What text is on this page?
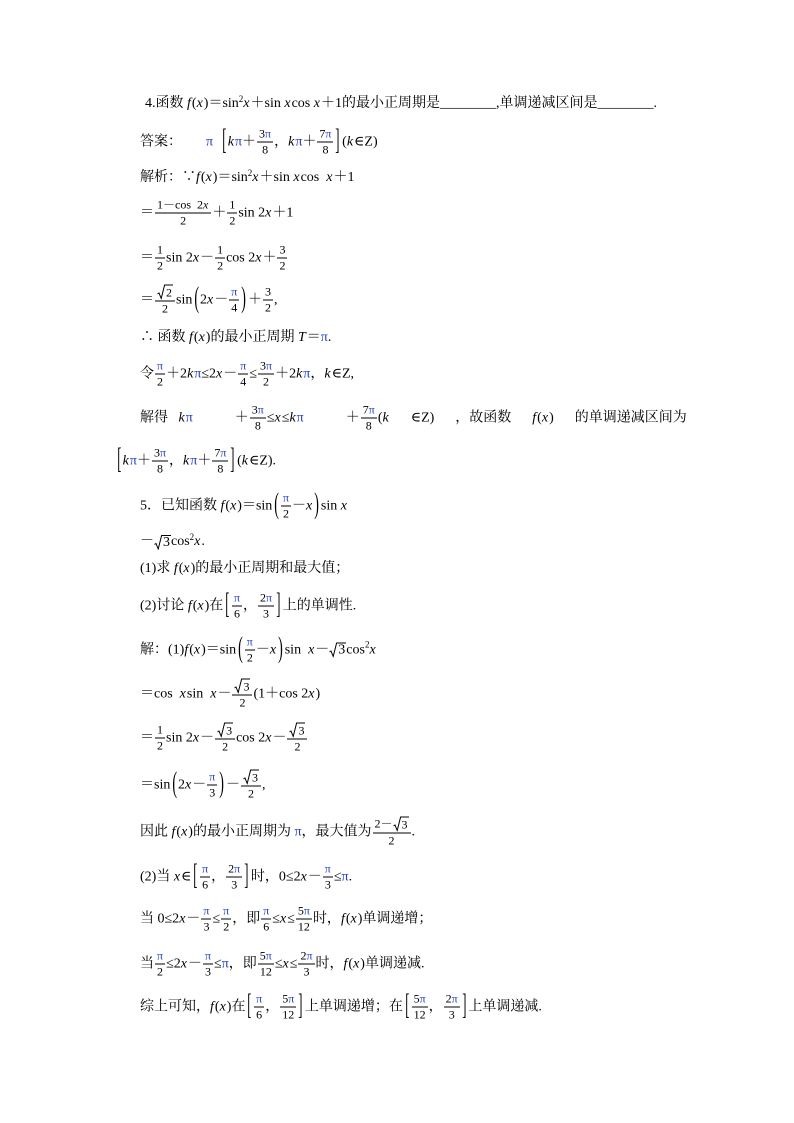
4.函数 f ( x )＝sin 2 x ＋sin x cos x ＋1的最小正周期是 ________ ,单调递减区间是 ________ .
答案： π [ k $\pi + \frac{3 \pi}{8}$ ， k $\pi + \frac{7 \pi}{8}$ ] ( k ∈Z)
解析：∵ f ( x )＝sin 2 x ＋sin x cos x ＋1
＝ $\frac{1-\cos 2 x}{2} + \frac{1}{2}$ sin 2 x ＋1
＝ $\frac{1}{2}$ sin 2 $x - \frac{1}{2}$ cos 2 $x + \frac{3}{2}$
＝ $\frac{2}{2}$ sin ( 2 $x - \frac{\pi}{4}$ ) ＋ $\frac{3}{2}$ ,
∴ 函数 f ( x )的最小正周期 T ＝ π .
令 $\frac{\pi}{2} +2$ k π ≤2 $x - \frac{\pi}{4} \le \frac{3 \pi}{2} +2$ k π ， k ∈Z,
解得 k $\pi + \frac{3 \pi}{8} \le x \le k$ $\pi + \frac{7 \pi}{8}$ ( k ∈Z)  ，故函数 f ( x )  的单调递减区间为
[ k $\pi + \frac{3 \pi}{8}$ ， k $\pi + \frac{7 \pi}{8}$ ] ( k ∈Z).
5．已知函数 f ( x )＝sin ( $\frac{\pi}{2} - x$ ) sin x
－ 3 cos 2 x .
(1)求 f ( x )的最小正周期和最大值；
(2)讨论 f ( x )在 [ $\frac{\pi}{6}$ ， $\frac{2 \pi}{3}$ ] 上的单调性.
解：(1) f ( x )＝sin ( $\frac{\pi}{2} - x$ ) sin x － 3 cos 2 x
＝cos x $\sin x - \frac{3}{2} (1+\cos$ 2 x )
＝ $\frac{1}{2}$ sin 2 $x - \frac{3}{2}$ cos 2 $x - \frac{3}{2}$
＝sin ( 2 $x - \frac{\pi}{3}$ ) － $\frac{3}{2}$ ,
因此 f ( x )的最小正周期为 π ，最大值为 $\frac{2- 3}{2}$ .
(2)当 x ∈ [ $\frac{\pi}{6}$ ， $\frac{2 \pi}{3}$ ] 时，0≤2 $x - \frac{\pi}{3} \le \pi$ .
当 0≤2 $x - \frac{\pi}{3} \le \frac{\pi}{2}$ ，即 $\frac{\pi}{6} \le x \le \frac{5 \pi}{12}$ 时， f ( x )单调递增；
当 $\frac{\pi}{2} \le 2$ $x - \frac{\pi}{3} \le \pi$ ，即 $\frac{5 \pi}{12} \le x \le \frac{2 \pi}{3}$ 时， f ( x )单调递减.
综上可知， f ( x )在 [ $\frac{\pi}{6}$ ， $\frac{5 \pi}{12}$ ] 上单调递增；在 [ $\frac{5 \pi}{12}$ ， $\frac{2 \pi}{3}$ ] 上单调递减.
